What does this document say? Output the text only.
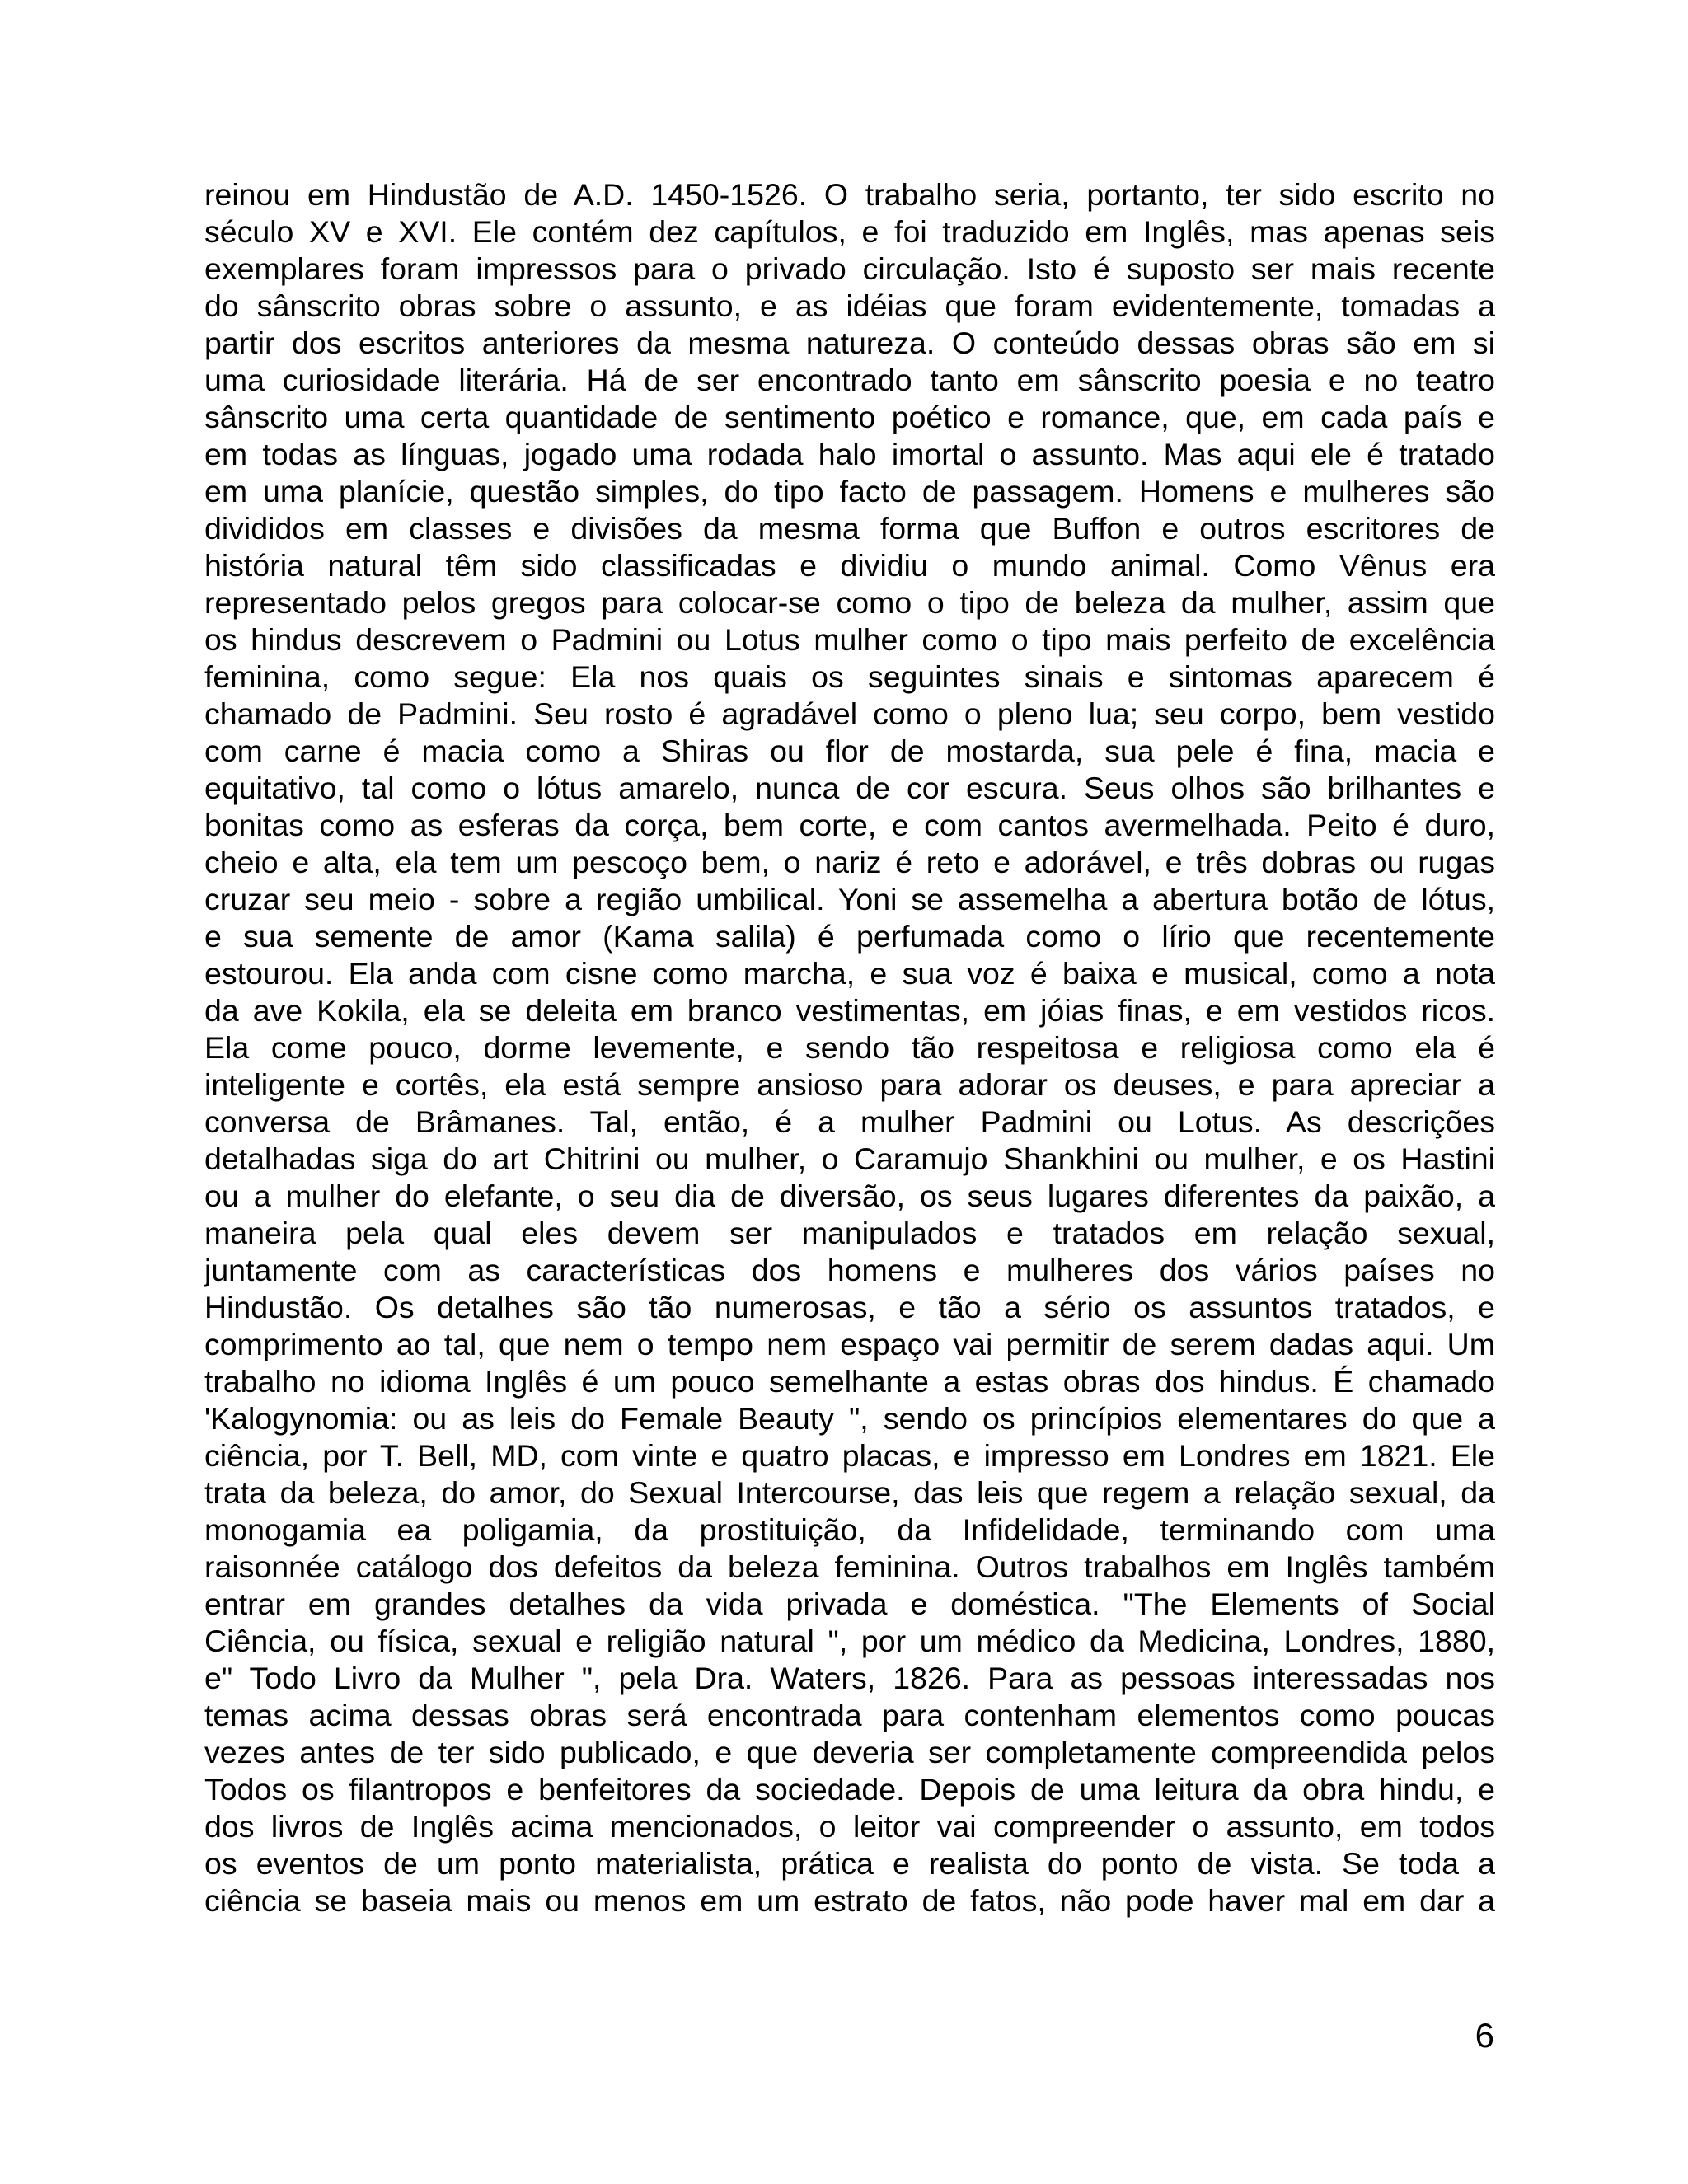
reinou em Hindustão de A.D. 1450-1526. O trabalho seria, portanto, ter sido escrito no
século XV e XVI. Ele contém dez capítulos, e foi traduzido em Inglês, mas apenas seis
exemplares foram impressos para o privado circulação. Isto é suposto ser mais recente
do sânscrito obras sobre o assunto, e as idéias que foram evidentemente, tomadas a
partir dos escritos anteriores da mesma natureza. O conteúdo dessas obras são em si
uma curiosidade literária. Há de ser encontrado tanto em sânscrito poesia e no teatro
sânscrito uma certa quantidade de sentimento poético e romance, que, em cada país e
em todas as línguas, jogado uma rodada halo imortal o assunto. Mas aqui ele é tratado
em uma planície, questão simples, do tipo facto de passagem. Homens e mulheres são
divididos em classes e divisões da mesma forma que Buffon e outros escritores de
história natural têm sido classificadas e dividiu o mundo animal. Como Vênus era
representado pelos gregos para colocar-se como o tipo de beleza da mulher, assim que
os hindus descrevem o Padmini ou Lotus mulher como o tipo mais perfeito de excelência
feminina, como segue: Ela nos quais os seguintes sinais e sintomas aparecem é
chamado de Padmini. Seu rosto é agradável como o pleno lua; seu corpo, bem vestido
com carne é macia como a Shiras ou flor de mostarda, sua pele é fina, macia e
equitativo, tal como o lótus amarelo, nunca de cor escura. Seus olhos são brilhantes e
bonitas como as esferas da corça, bem corte, e com cantos avermelhada. Peito é duro,
cheio e alta, ela tem um pescoço bem, o nariz é reto e adorável, e três dobras ou rugas
cruzar seu meio - sobre a região umbilical. Yoni se assemelha a abertura botão de lótus,
e sua semente de amor (Kama salila) é perfumada como o lírio que recentemente
estourou. Ela anda com cisne como marcha, e sua voz é baixa e musical, como a nota
da ave Kokila, ela se deleita em branco vestimentas, em jóias finas, e em vestidos ricos.
Ela come pouco, dorme levemente, e sendo tão respeitosa e religiosa como ela é
inteligente e cortês, ela está sempre ansioso para adorar os deuses, e para apreciar a
conversa de Brâmanes. Tal, então, é a mulher Padmini ou Lotus. As descrições
detalhadas siga do art Chitrini ou mulher, o Caramujo Shankhini ou mulher, e os Hastini
ou a mulher do elefante, o seu dia de diversão, os seus lugares diferentes da paixão, a
maneira pela qual eles devem ser manipulados e tratados em relação sexual,
juntamente com as características dos homens e mulheres dos vários países no
Hindustão. Os detalhes são tão numerosas, e tão a sério os assuntos tratados, e
comprimento ao tal, que nem o tempo nem espaço vai permitir de serem dadas aqui. Um
trabalho no idioma Inglês é um pouco semelhante a estas obras dos hindus. É chamado
'Kalogynomia: ou as leis do Female Beauty ", sendo os princípios elementares do que a
ciência, por T. Bell, MD, com vinte e quatro placas, e impresso em Londres em 1821. Ele
trata da beleza, do amor, do Sexual Intercourse, das leis que regem a relação sexual, da
monogamia ea poligamia, da prostituição, da Infidelidade, terminando com uma
raisonnée catálogo dos defeitos da beleza feminina. Outros trabalhos em Inglês também
entrar em grandes detalhes da vida privada e doméstica. "The Elements of Social
Ciência, ou física, sexual e religião natural ", por um médico da Medicina, Londres, 1880,
e" Todo Livro da Mulher ", pela Dra. Waters, 1826. Para as pessoas interessadas nos
temas acima dessas obras será encontrada para contenham elementos como poucas
vezes antes de ter sido publicado, e que deveria ser completamente compreendida pelos
Todos os filantropos e benfeitores da sociedade. Depois de uma leitura da obra hindu, e
dos livros de Inglês acima mencionados, o leitor vai compreender o assunto, em todos
os eventos de um ponto materialista, prática e realista do ponto de vista. Se toda a
ciência se baseia mais ou menos em um estrato de fatos, não pode haver mal em dar a
6
